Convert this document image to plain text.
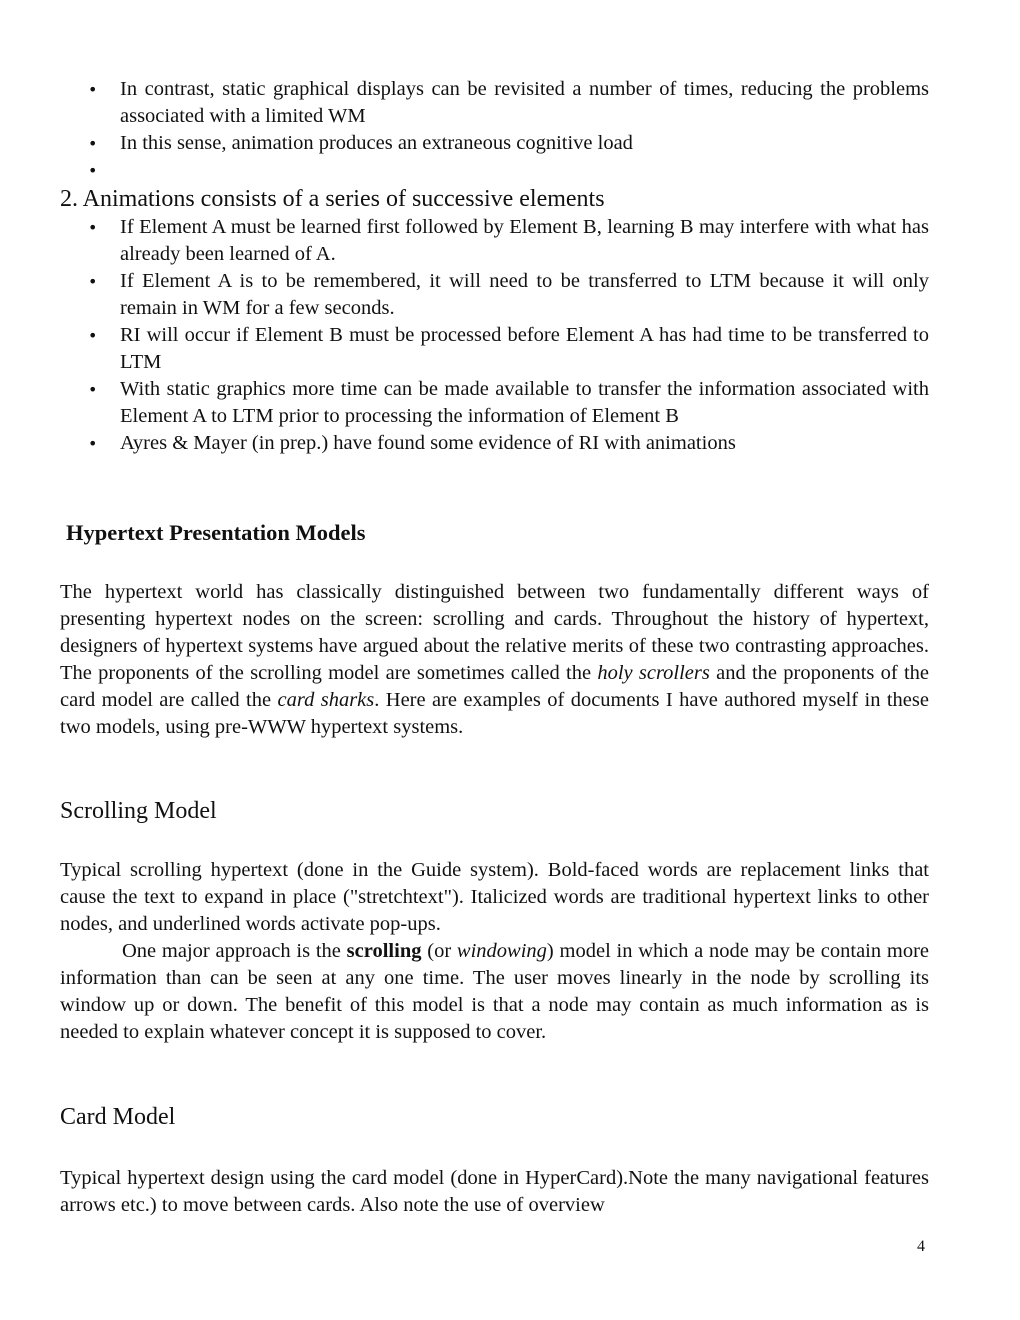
• In contrast, static graphical displays can be revisited a number of times, reducing the problems associated with a limited WM
• In this sense, animation produces an extraneous cognitive load
•
2. Animations consists of a series of successive elements
• If Element A must be learned first followed by Element B, learning B may interfere with what has already been learned of A.
• If Element A is to be remembered, it will need to be transferred to LTM because it will only remain in WM for a few seconds.
• RI will occur if Element B must be processed before Element A has had time to be transferred to LTM
• With static graphics more time can be made available to transfer the information associated with Element A to LTM prior to processing the information of Element B
• Ayres & Mayer (in prep.) have found some evidence of RI with animations
Hypertext Presentation Models

The hypertext world has classically distinguished between two fundamentally different ways of presenting hypertext nodes on the screen: scrolling and cards. Throughout the history of hypertext, designers of hypertext systems have argued about the relative merits of these two contrasting approaches. The proponents of the scrolling model are sometimes called the holy scrollers and the proponents of the card model are called the card sharks. Here are examples of documents I have authored myself in these two models, using pre-WWW hypertext systems.

Scrolling Model

Typical scrolling hypertext (done in the Guide system). Bold-faced words are replacement links that cause the text to expand in place ("stretchtext"). Italicized words are traditional hypertext links to other nodes, and underlined words activate pop-ups.

One major approach is the scrolling (or windowing) model in which a node may be contain more information than can be seen at any one time. The user moves linearly in the node by scrolling its window up or down. The benefit of this model is that a node may contain as much information as is needed to explain whatever concept it is supposed to cover.

Card Model

Typical hypertext design using the card model (done in HyperCard).Note the many navigational features arrows etc.) to move between cards. Also note the use of overview

4
